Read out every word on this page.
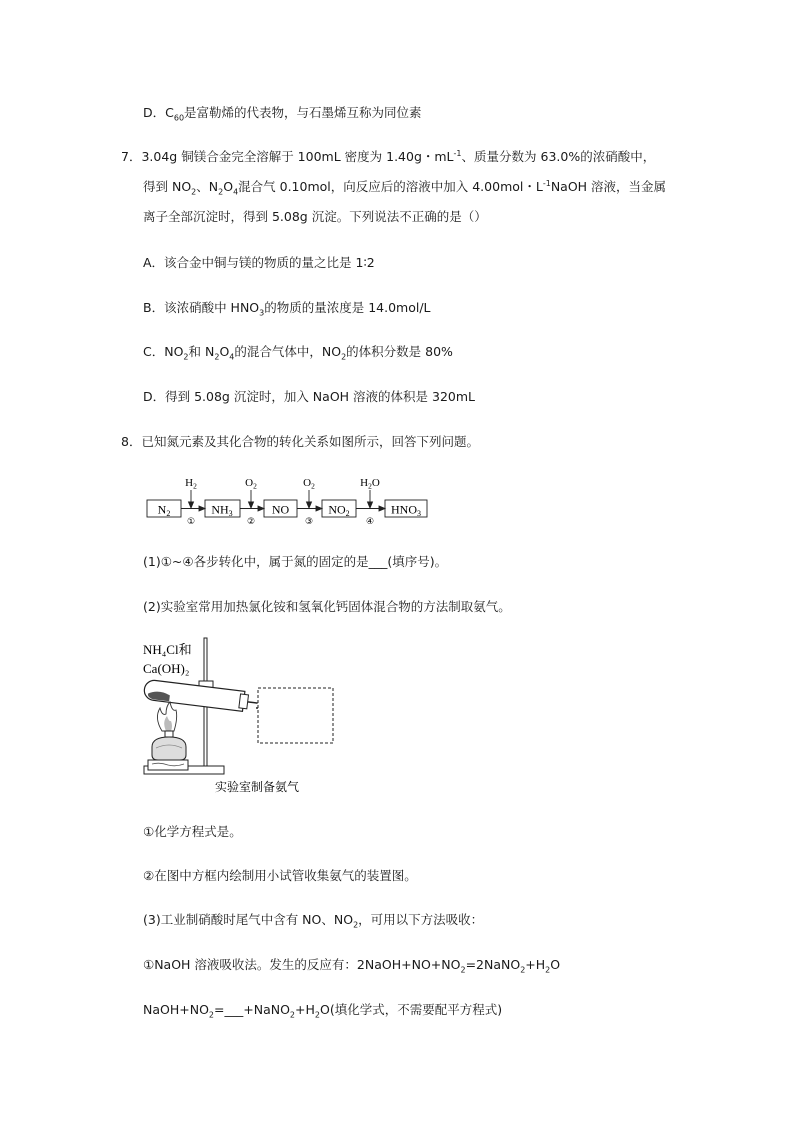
D．$C_{60}$是富勒烯的代表物，与石墨烯互称为同位素
7．3.04g 铜镁合金完全溶解于 100mL 密度为 1.40g・$mL^{-1}$、质量分数为 63.0%的浓硝酸中，
得到 $NO_2$、$N_2O_4$混合气 0.10mol，向反应后的溶液中加入 4.00mol・$L^{-1}NaOH$ 溶液，当金属
离子全部沉淀时，得到 5.08g 沉淀。下列说法不正确的是（）
A．该合金中铜与镁的物质的量之比是 1∶2
B．该浓硝酸中 $HNO_3$的物质的量浓度是 14.0mol/L
C．$NO_2$和 $N_2O_4$的混合气体中，$NO_2$的体积分数是 80%
D．得到 5.08g 沉淀时，加入 NaOH 溶液的体积是 320mL
8．已知氮元素及其化合物的转化关系如图所示，回答下列问题。
$N_2$	$NH_3$	NO	$NO_2$	$HNO_3$
$H_2$	$O_2$	$O_2$	$H_2O$
①	②	③	④
(1)①~④各步转化中，属于氮的固定的是___(填序号)。
(2)实验室常用加热氯化铵和氢氧化钙固体混合物的方法制取氨气。
NH₄Cl和
Ca(OH)₂
实验室制备氨气
①化学方程式是。
②在图中方框内绘制用小试管收集氨气的装置图。
(3)工业制硝酸时尾气中含有 NO、$NO_2$，可用以下方法吸收：
①NaOH 溶液吸收法。发生的反应有：$2NaOH+NO+NO_2=2NaNO_2+H_2O$
$NaOH+NO_2=\_\_\_+NaNO_2+H_2O$(填化学式，不需要配平方程式)
